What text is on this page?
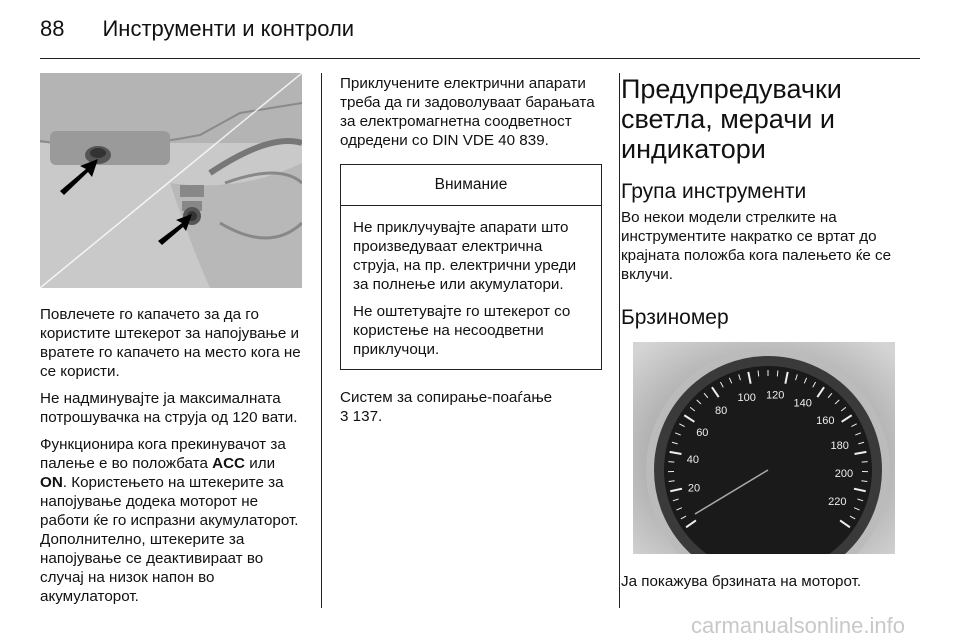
88 Инструменти и контроли

Повлечете го капачето за да го користите штекерот за напојување и вратете го капачето на место кога не се користи.

Не надминувајте ја максималната потрошувачка на струја од 120 вати.

Функционира кога прекинувачот за палење е во положбата ACC или ON. Користењето на штекерите за напојување додека моторот не работи ќе го испразни акумулаторот. Дополнително, штекерите за напојување се деактивираат во случај на низок напон во акумулаторот.

Приклучените електрични апарати треба да ги задоволуваат барањата за електромагнетна соодветност одредени со DIN VDE 40 839.

Внимание

Не приклучувајте апарати што произведуваат електрична струја, на пр. електрични уреди за полнење или акумулатори.

Не оштетувајте го штекерот со користење на несоодветни приклучоци.

Систем за сопирање-поаѓање
3 137.

Предупредувачки светла, мерачи и индикатори
Група инструменти

Во некои модели стрелките на инструментите накратко се вртат до крајната положба кога палењето ќе се вклучи.

Брзиномер
20
40
60
80
100 120
140
160
180
200
220

Ја покажува брзината на моторот.

carmanualsonline.info
